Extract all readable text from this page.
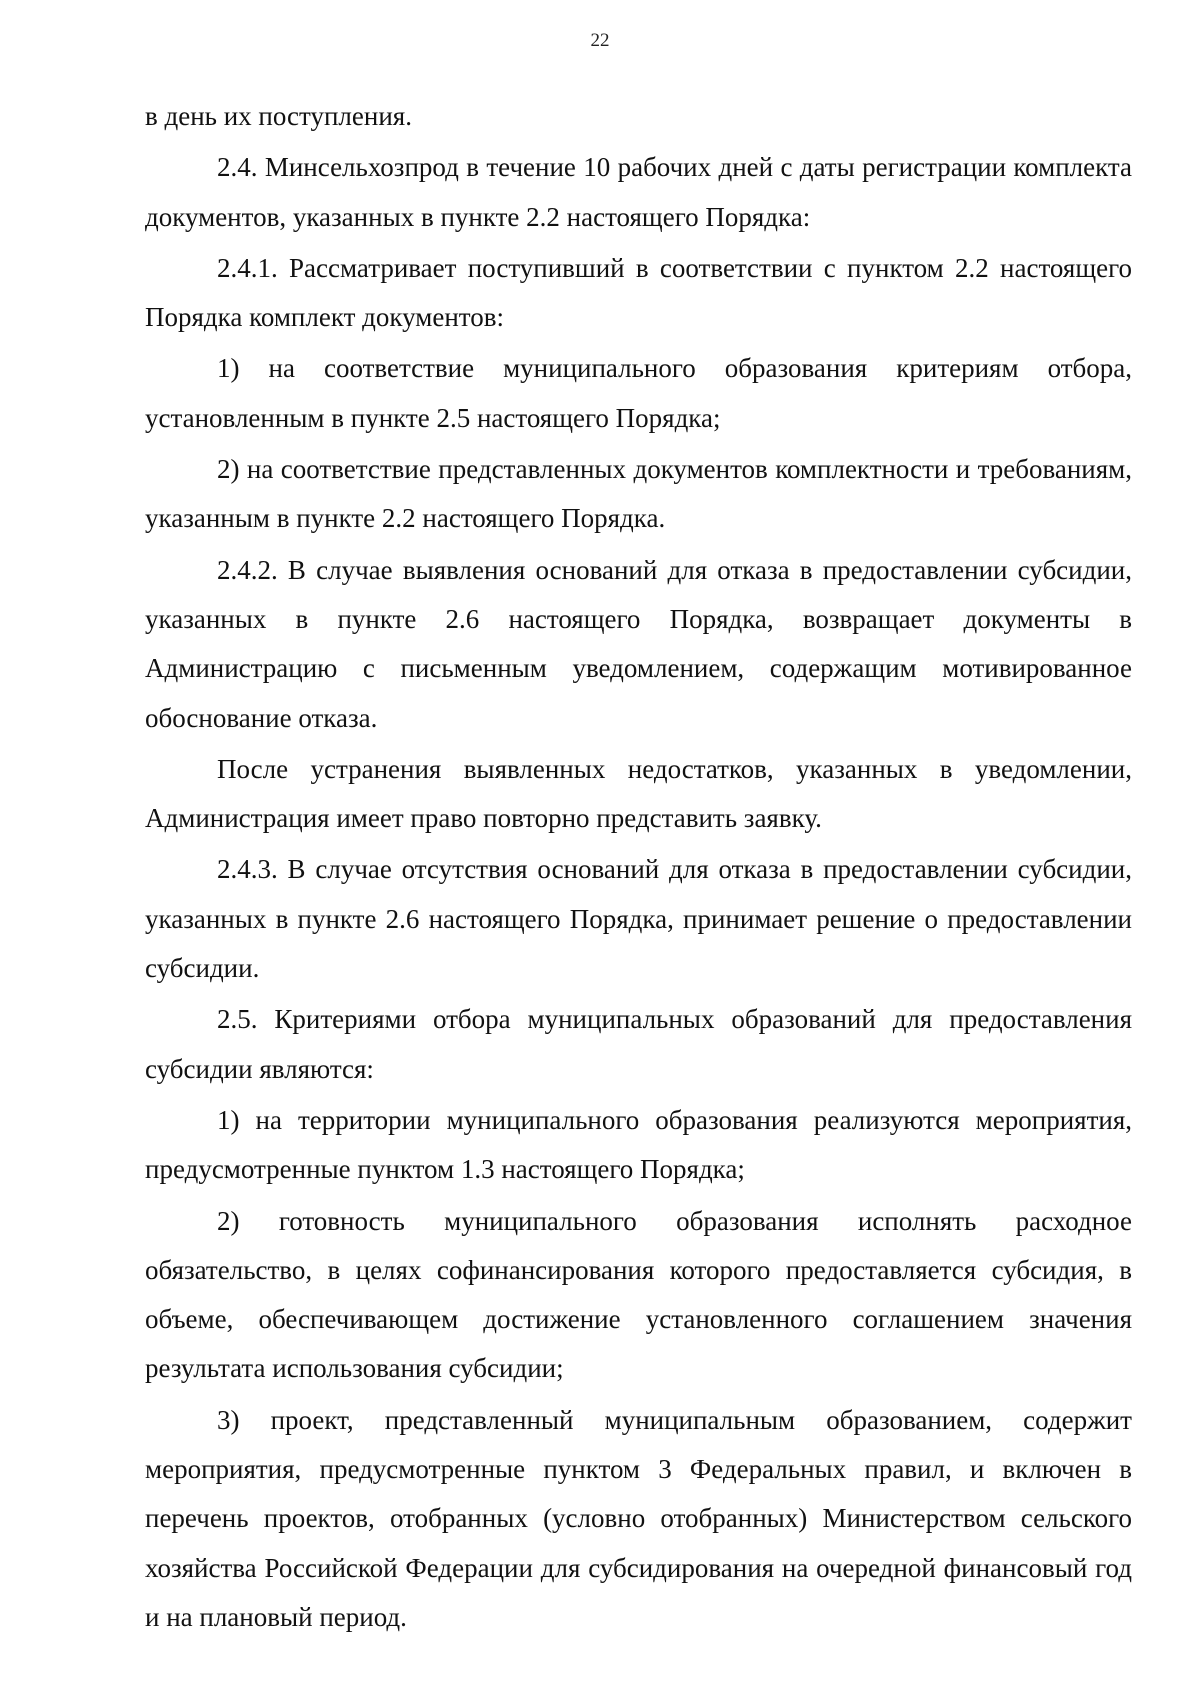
22

в день их поступления.

2.4. Минсельхозпрод в течение 10 рабочих дней с даты регистрации комплекта документов, указанных в пункте 2.2 настоящего Порядка:

2.4.1. Рассматривает поступивший в соответствии с пунктом 2.2 настоящего Порядка комплект документов:

1) на соответствие муниципального образования критериям отбора, установленным в пункте 2.5 настоящего Порядка;

2) на соответствие представленных документов комплектности и требованиям, указанным в пункте 2.2 настоящего Порядка.

2.4.2. В случае выявления оснований для отказа в предоставлении субсидии, указанных в пункте 2.6 настоящего Порядка, возвращает документы в Администрацию с письменным уведомлением, содержащим мотивированное обоснование отказа.

После устранения выявленных недостатков, указанных в уведомлении, Администрация имеет право повторно представить заявку.

2.4.3. В случае отсутствия оснований для отказа в предоставлении субсидии, указанных в пункте 2.6 настоящего Порядка, принимает решение о предоставлении субсидии.

2.5. Критериями отбора муниципальных образований для предоставления субсидии являются:

1) на территории муниципального образования реализуются мероприятия, предусмотренные пунктом 1.3 настоящего Порядка;

2) готовность муниципального образования исполнять расходное обязательство, в целях софинансирования которого предоставляется субсидия, в объеме, обеспечивающем достижение установленного соглашением значения результата использования субсидии;

3) проект, представленный муниципальным образованием, содержит мероприятия, предусмотренные пунктом 3 Федеральных правил, и включен в перечень проектов, отобранных (условно отобранных) Министерством сельского хозяйства Российской Федерации для субсидирования на очередной финансовый год и на плановый период.
